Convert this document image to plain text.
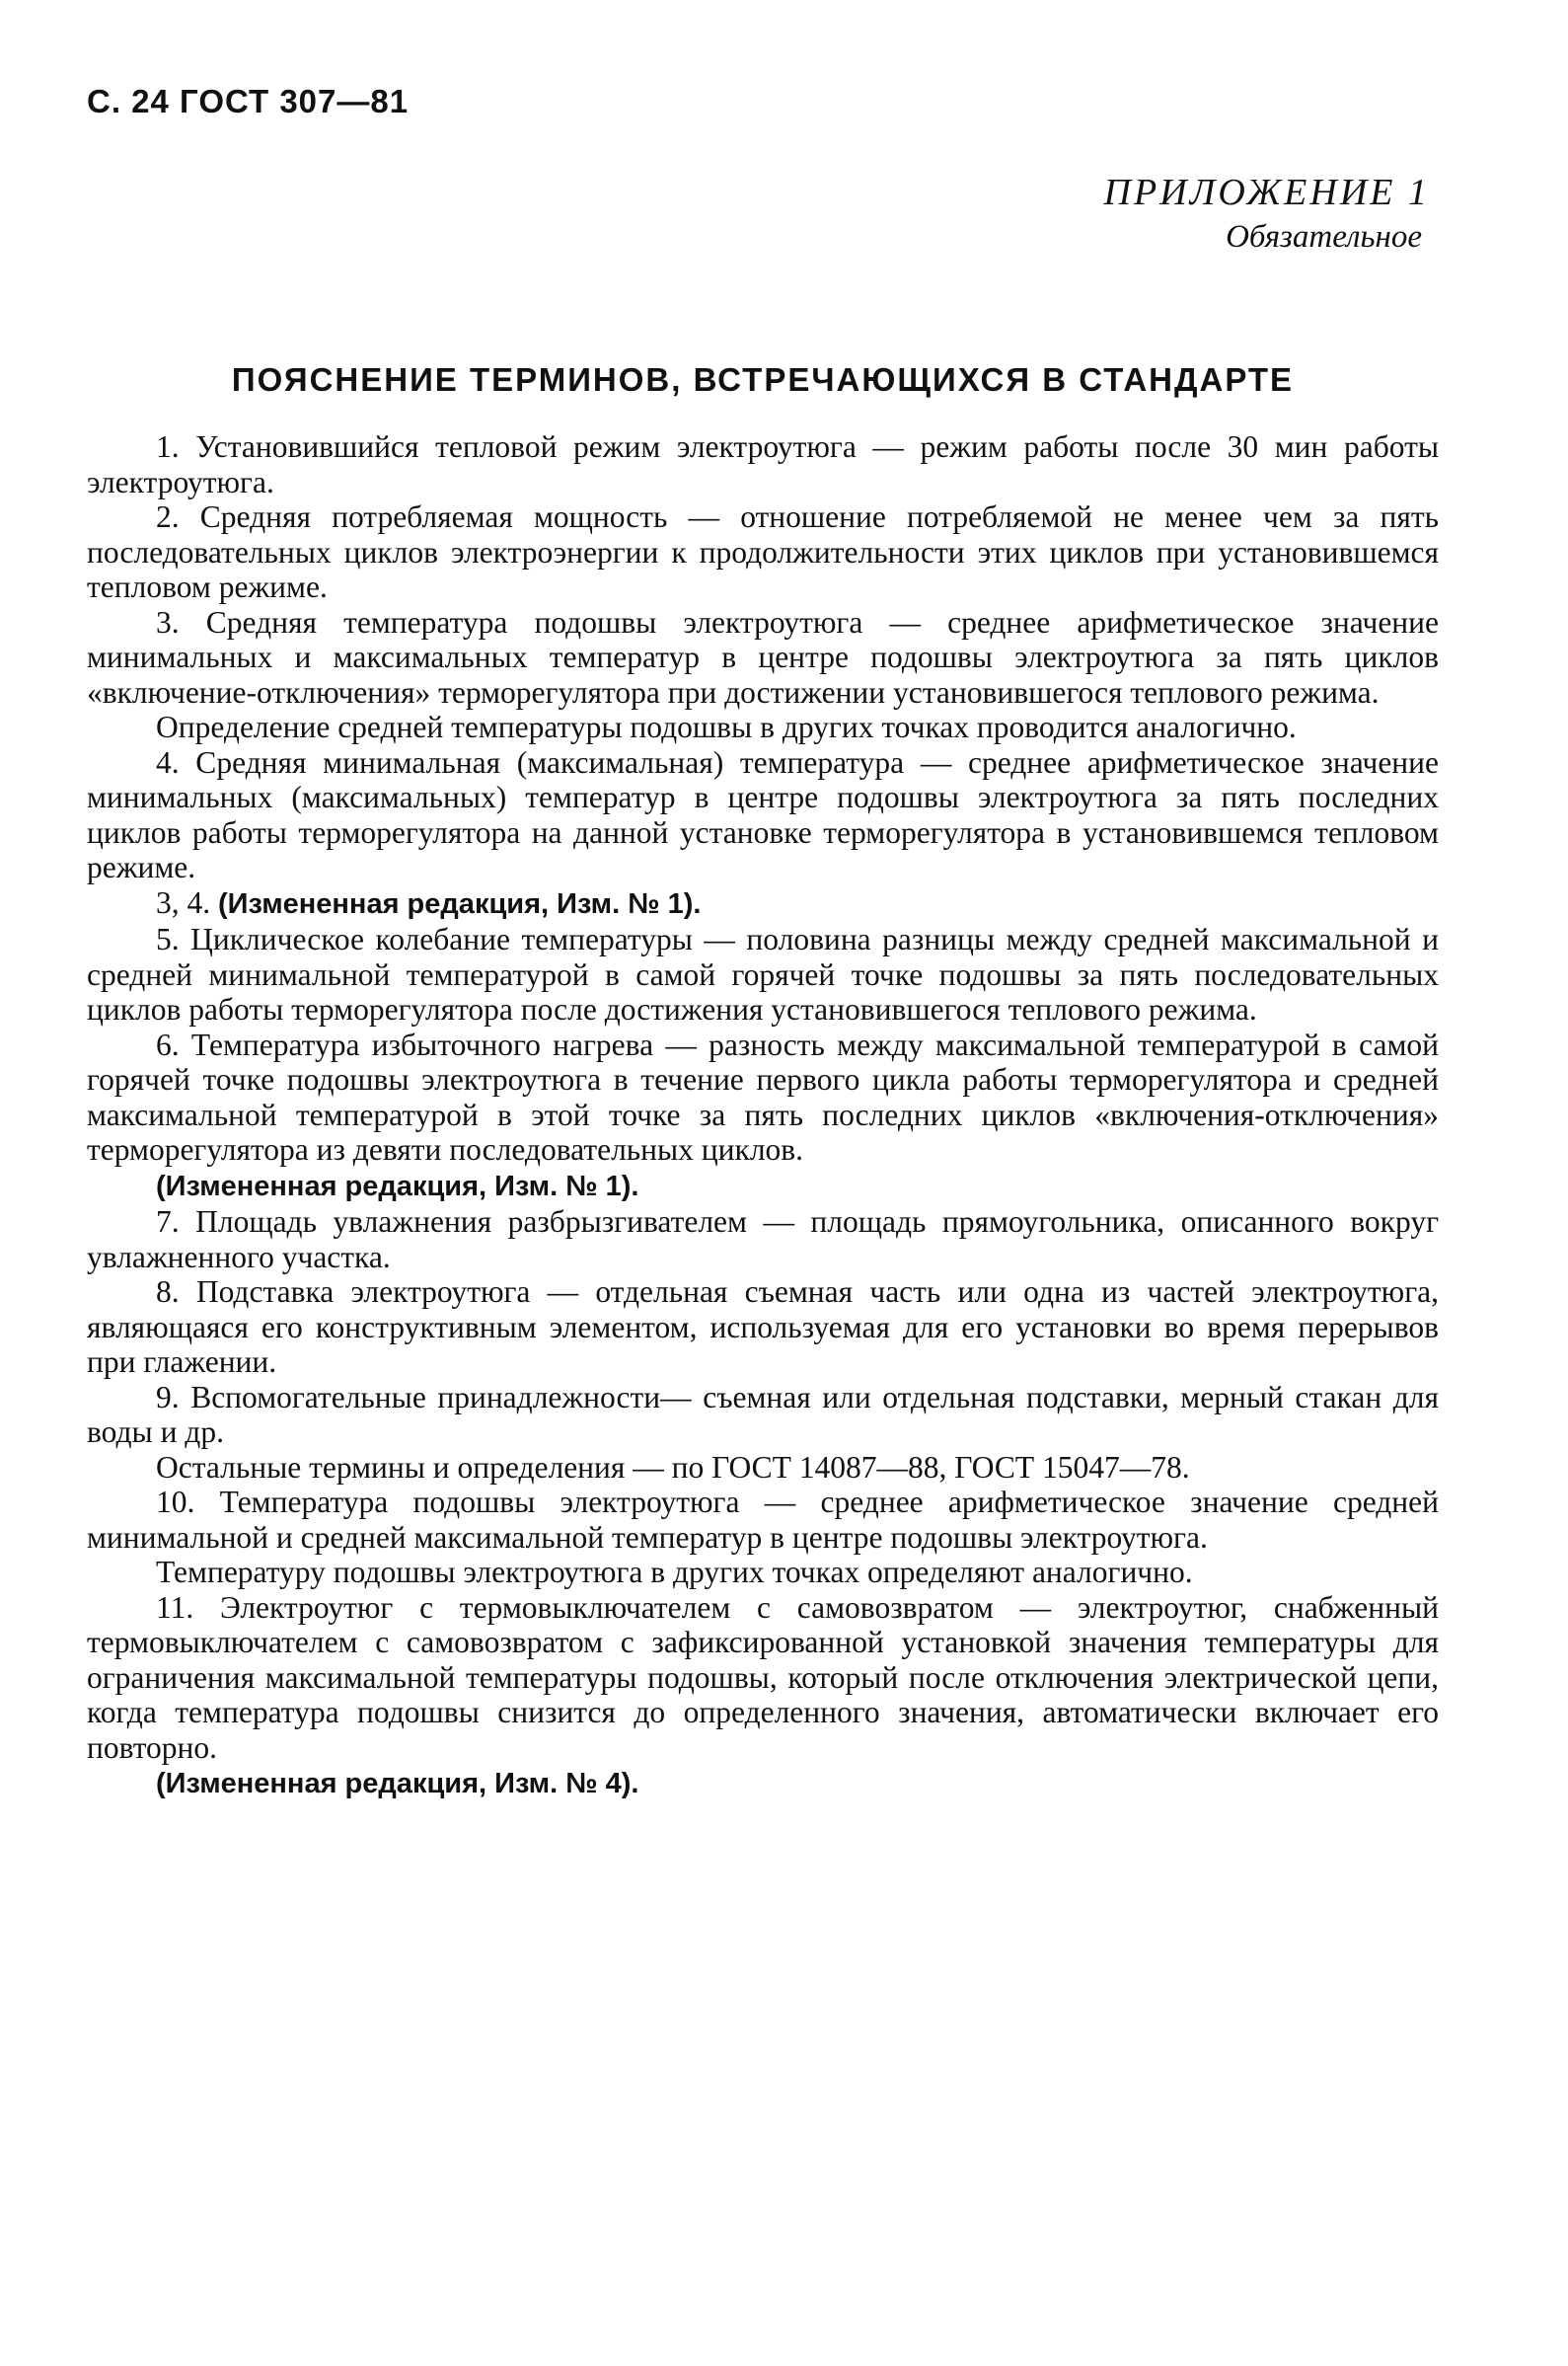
С. 24 ГОСТ 307—81
ПРИЛОЖЕНИЕ 1
Обязательное
ПОЯСНЕНИЕ ТЕРМИНОВ, ВСТРЕЧАЮЩИХСЯ В СТАНДАРТЕ

1. Установившийся тепловой режим электроутюга — режим работы после 30 мин работы электроутюга.

2. Средняя потребляемая мощность — отношение потребляемой не менее чем за пять последовательных циклов электроэнергии к продолжительности этих циклов при установившемся тепловом режиме.

3. Средняя температура подошвы электроутюга — среднее арифметическое значение минимальных и максимальных температур в центре подошвы электроутюга за пять циклов «включение-отключения» терморегулятора при достижении установившегося теплового режима.

Определение средней температуры подошвы в других точках проводится аналогично.

4. Средняя минимальная (максимальная) температура — среднее арифметическое значение минимальных (максимальных) температур в центре подошвы электроутюга за пять последних циклов работы терморегулятора на данной установке терморегулятора в установившемся тепловом режиме.

3, 4. (Измененная редакция, Изм. № 1).

5. Циклическое колебание температуры — половина разницы между средней максимальной и средней минимальной температурой в самой горячей точке подошвы за пять последовательных циклов работы терморегулятора после достижения установившегося теплового режима.

6. Температура избыточного нагрева — разность между максимальной температурой в самой горячей точке подошвы электроутюга в течение первого цикла работы терморегулятора и средней максимальной температурой в этой точке за пять последних циклов «включения-отключения» терморегулятора из девяти последовательных циклов.

(Измененная редакция, Изм. № 1).

7. Площадь увлажнения разбрызгивателем — площадь прямоугольника, описанного вокруг увлажненного участка.

8. Подставка электроутюга — отдельная съемная часть или одна из частей электроутюга, являющаяся его конструктивным элементом, используемая для его установки во время перерывов при глажении.

9. Вспомогательные принадлежности— съемная или отдельная подставки, мерный стакан для воды и др.

Остальные термины и определения — по ГОСТ 14087—88, ГОСТ 15047—78.

10. Температура подошвы электроутюга — среднее арифметическое значение средней минимальной и средней максимальной температур в центре подошвы электроутюга.

Температуру подошвы электроутюга в других точках определяют аналогично.

11. Электроутюг с термовыключателем с самовозвратом — электроутюг, снабженный термовыключателем с самовозвратом с зафиксированной установкой значения температуры для ограничения максимальной температуры подошвы, который после отключения электрической цепи, когда температура подошвы снизится до определенного значения, автоматически включает его повторно.

(Измененная редакция, Изм. № 4).
